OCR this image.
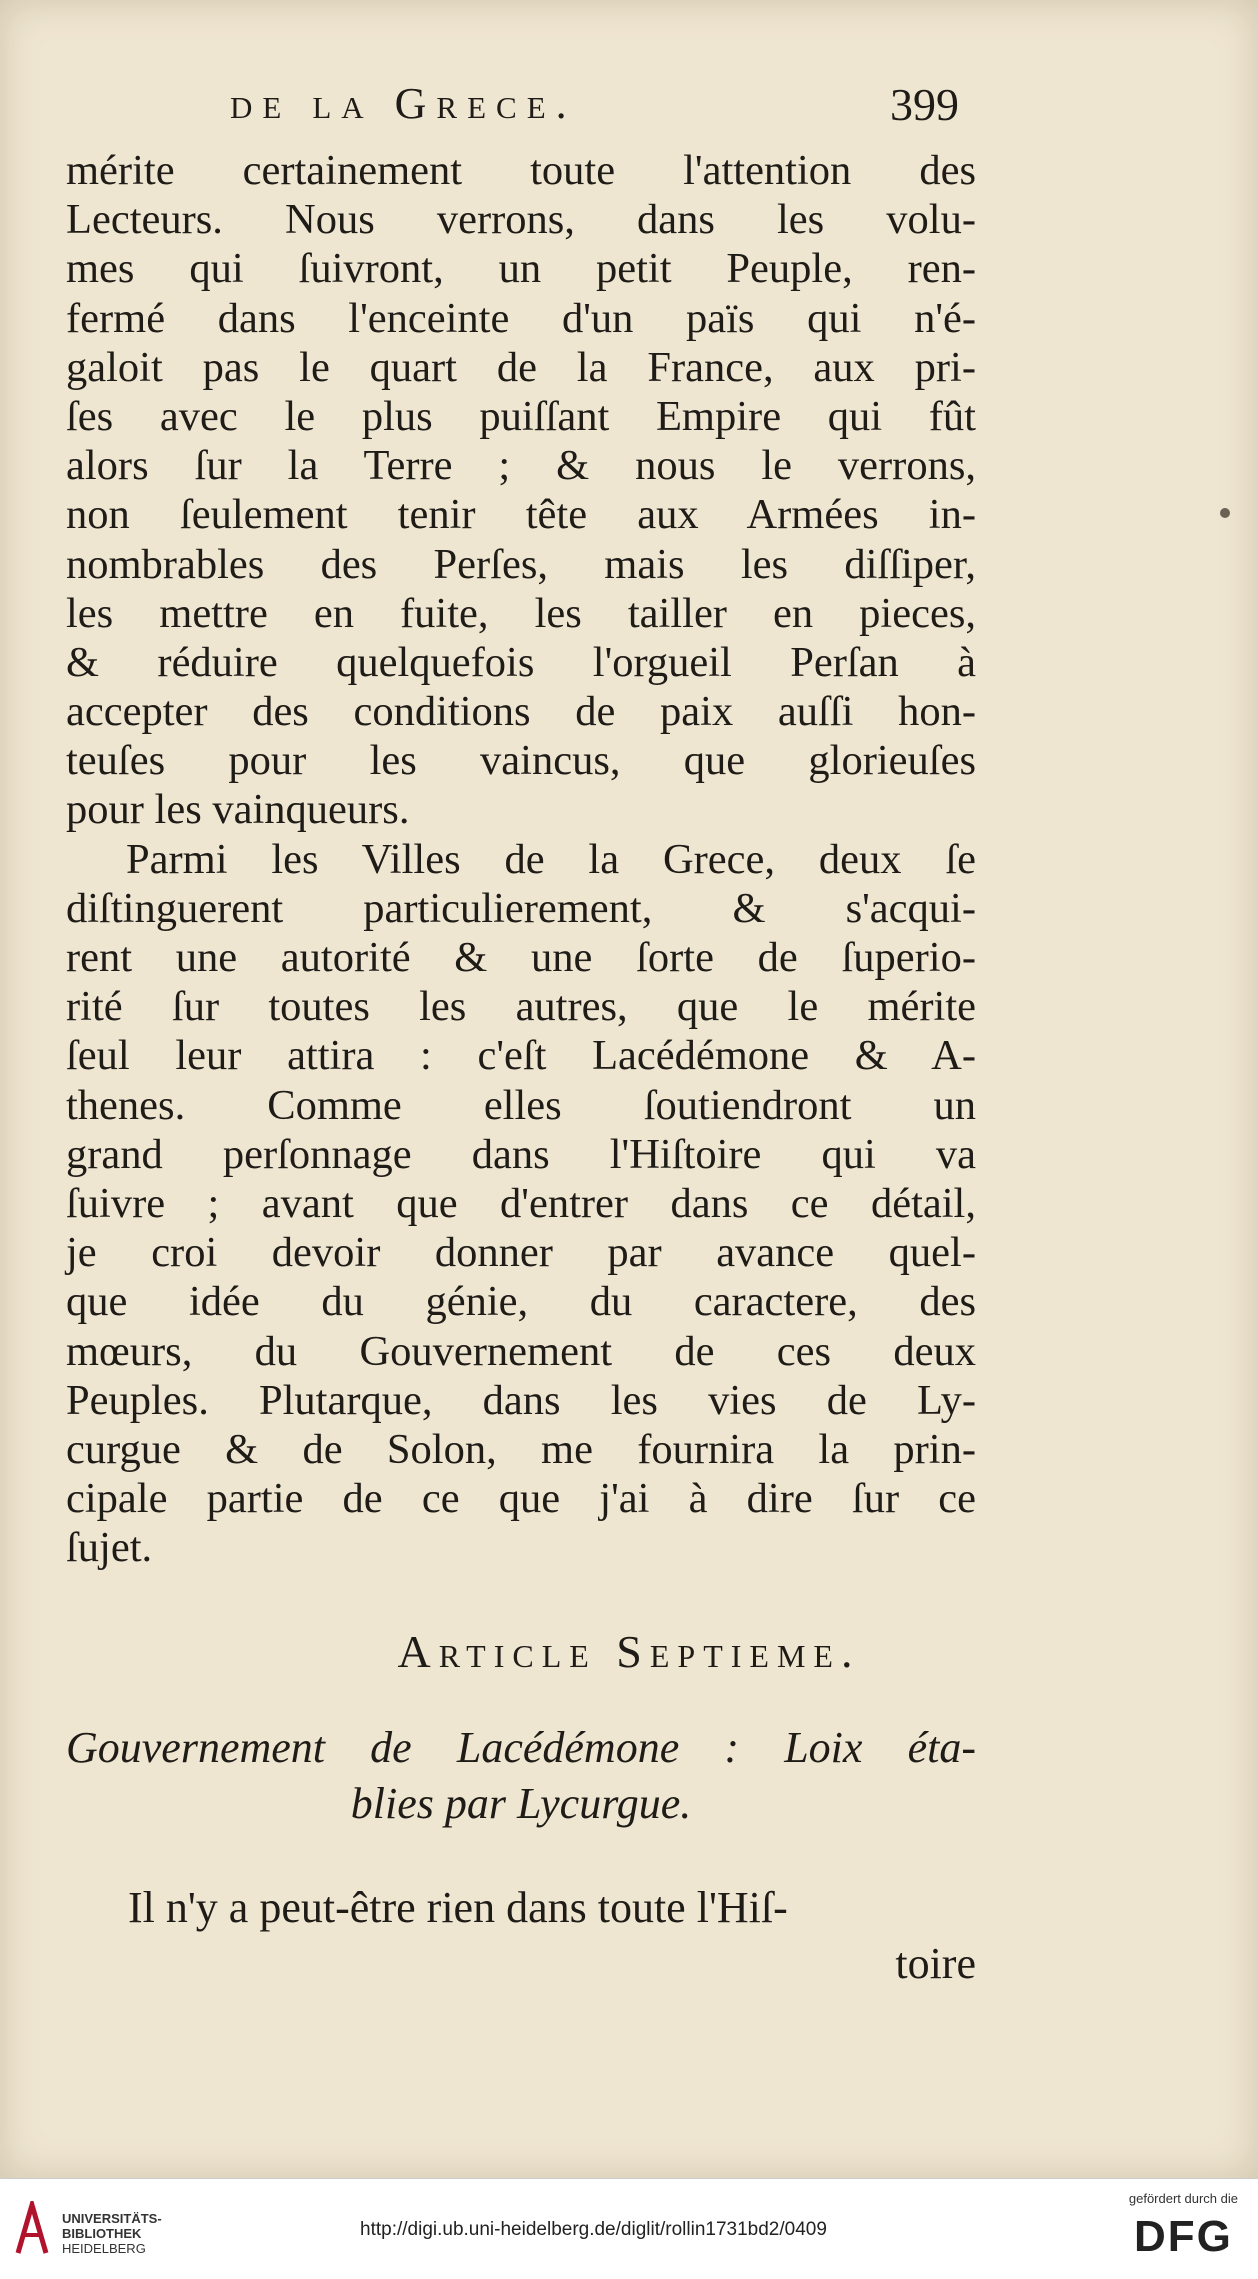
de la Grece.	399
mérite certainement toute l'attention des
Lecteurs. Nous verrons, dans les volu-
mes qui ſuivront, un petit Peuple, ren-
fermé dans l'enceinte d'un païs qui n'é-
galoit pas le quart de la France, aux pri-
ſes avec le plus puiſſant Empire qui fût
alors ſur la Terre ; & nous le verrons,
non ſeulement tenir tête aux Armées in-
nombrables des Perſes, mais les diſſiper,
les mettre en fuite, les tailler en pieces,
& réduire quelquefois l'orgueil Perſan à
accepter des conditions de paix auſſi hon-
teuſes pour les vaincus, que glorieuſes
pour les vainqueurs.
Parmi les Villes de la Grece, deux ſe
diſtinguerent particulierement, & s'acqui-
rent une autorité & une ſorte de ſuperio-
rité ſur toutes les autres, que le mérite
ſeul leur attira : c'eſt Lacédémone & A-
thenes. Comme elles ſoutiendront un
grand perſonnage dans l'Hiſtoire qui va
ſuivre ; avant que d'entrer dans ce détail,
je croi devoir donner par avance quel-
que idée du génie, du caractere, des
mœurs, du Gouvernement de ces deux
Peuples. Plutarque, dans les vies de Ly-
curgue & de Solon, me fournira la prin-
cipale partie de ce que j'ai à dire ſur ce
ſujet.
Article Septieme.
Gouvernement de Lacédémone : Loix éta-
blies par Lycurgue.
Il n'y a peut-être rien dans toute l'Hiſ-
toire
UNIVERSITÄTS-
BIBLIOTHEK
HEIDELBERG
http://digi.ub.uni-heidelberg.de/diglit/rollin1731bd2/0409
gefördert durch die
DFG
